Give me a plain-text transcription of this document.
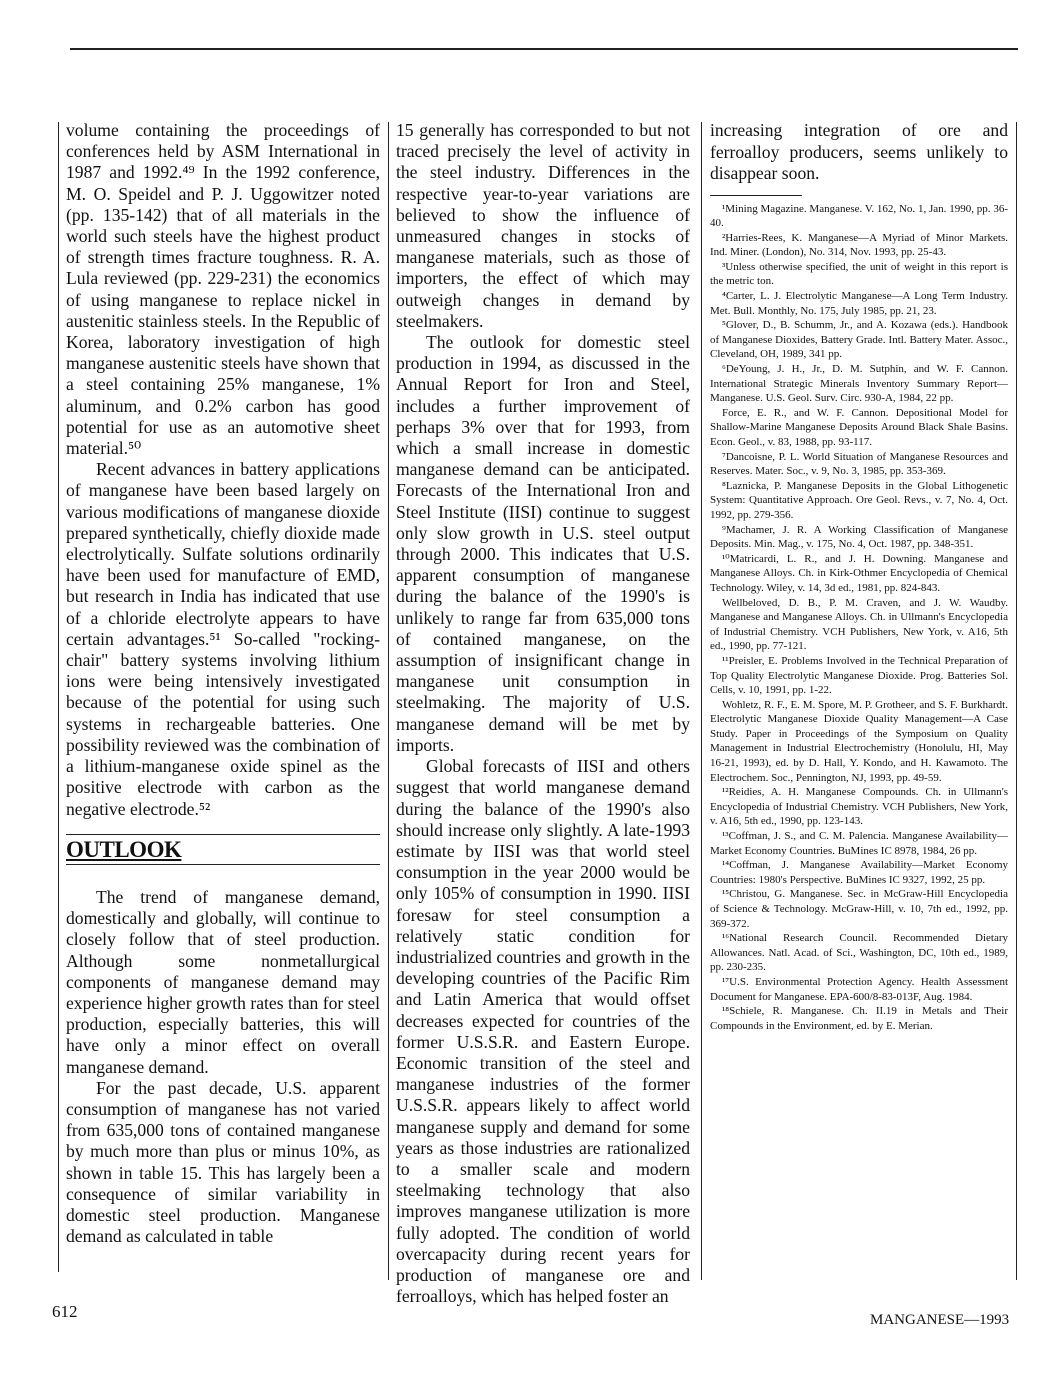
volume containing the proceedings of conferences held by ASM International in 1987 and 1992.⁴⁹ In the 1992 conference, M. O. Speidel and P. J. Uggowitzer noted (pp. 135-142) that of all materials in the world such steels have the highest product of strength times fracture toughness. R. A. Lula reviewed (pp. 229-231) the economics of using manganese to replace nickel in austenitic stainless steels. In the Republic of Korea, laboratory investigation of high manganese austenitic steels have shown that a steel containing 25% manganese, 1% aluminum, and 0.2% carbon has good potential for use as an automotive sheet material.⁵⁰

Recent advances in battery applications of manganese have been based largely on various modifications of manganese dioxide prepared synthetically, chiefly dioxide made electrolytically. Sulfate solutions ordinarily have been used for manufacture of EMD, but research in India has indicated that use of a chloride electrolyte appears to have certain advantages.⁵¹ So-called "rocking-chair" battery systems involving lithium ions were being intensively investigated because of the potential for using such systems in rechargeable batteries. One possibility reviewed was the combination of a lithium-manganese oxide spinel as the positive electrode with carbon as the negative electrode.⁵²

OUTLOOK

The trend of manganese demand, domestically and globally, will continue to closely follow that of steel production. Although some nonmetallurgical components of manganese demand may experience higher growth rates than for steel production, especially batteries, this will have only a minor effect on overall manganese demand.

For the past decade, U.S. apparent consumption of manganese has not varied from 635,000 tons of contained manganese by much more than plus or minus 10%, as shown in table 15. This has largely been a consequence of similar variability in domestic steel production. Manganese demand as calculated in table

15 generally has corresponded to but not traced precisely the level of activity in the steel industry. Differences in the respective year-to-year variations are believed to show the influence of unmeasured changes in stocks of manganese materials, such as those of importers, the effect of which may outweigh changes in demand by steelmakers.

The outlook for domestic steel production in 1994, as discussed in the Annual Report for Iron and Steel, includes a further improvement of perhaps 3% over that for 1993, from which a small increase in domestic manganese demand can be anticipated. Forecasts of the International Iron and Steel Institute (IISI) continue to suggest only slow growth in U.S. steel output through 2000. This indicates that U.S. apparent consumption of manganese during the balance of the 1990's is unlikely to range far from 635,000 tons of contained manganese, on the assumption of insignificant change in manganese unit consumption in steelmaking. The majority of U.S. manganese demand will be met by imports.

Global forecasts of IISI and others suggest that world manganese demand during the balance of the 1990's also should increase only slightly. A late-1993 estimate by IISI was that world steel consumption in the year 2000 would be only 105% of consumption in 1990. IISI foresaw for steel consumption a relatively static condition for industrialized countries and growth in the developing countries of the Pacific Rim and Latin America that would offset decreases expected for countries of the former U.S.S.R. and Eastern Europe. Economic transition of the steel and manganese industries of the former U.S.S.R. appears likely to affect world manganese supply and demand for some years as those industries are rationalized to a smaller scale and modern steelmaking technology that also improves manganese utilization is more fully adopted. The condition of world overcapacity during recent years for production of manganese ore and ferroalloys, which has helped foster an

increasing integration of ore and ferroalloy producers, seems unlikely to disappear soon.

¹Mining Magazine. Manganese. V. 162, No. 1, Jan. 1990, pp. 36-40.

²Harries-Rees, K. Manganese—A Myriad of Minor Markets. Ind. Miner. (London), No. 314, Nov. 1993, pp. 25-43.

³Unless otherwise specified, the unit of weight in this report is the metric ton.

⁴Carter, L. J. Electrolytic Manganese—A Long Term Industry. Met. Bull. Monthly, No. 175, July 1985, pp. 21, 23.

⁵Glover, D., B. Schumm, Jr., and A. Kozawa (eds.). Handbook of Manganese Dioxides, Battery Grade. Intl. Battery Mater. Assoc., Cleveland, OH, 1989, 341 pp.

⁶DeYoung, J. H., Jr., D. M. Sutphin, and W. F. Cannon. International Strategic Minerals Inventory Summary Report—Manganese. U.S. Geol. Surv. Circ. 930-A, 1984, 22 pp.

Force, E. R., and W. F. Cannon. Depositional Model for Shallow-Marine Manganese Deposits Around Black Shale Basins. Econ. Geol., v. 83, 1988, pp. 93-117.

⁷Dancoisne, P. L. World Situation of Manganese Resources and Reserves. Mater. Soc., v. 9, No. 3, 1985, pp. 353-369.

⁸Laznicka, P. Manganese Deposits in the Global Lithogenetic System: Quantitative Approach. Ore Geol. Revs., v. 7, No. 4, Oct. 1992, pp. 279-356.

⁹Machamer, J. R. A Working Classification of Manganese Deposits. Min. Mag., v. 175, No. 4, Oct. 1987, pp. 348-351.

¹⁰Matricardi, L. R., and J. H. Downing. Manganese and Manganese Alloys. Ch. in Kirk-Othmer Encyclopedia of Chemical Technology. Wiley, v. 14, 3d ed., 1981, pp. 824-843.

Wellbeloved, D. B., P. M. Craven, and J. W. Waudby. Manganese and Manganese Alloys. Ch. in Ullmann's Encyclopedia of Industrial Chemistry. VCH Publishers, New York, v. A16, 5th ed., 1990, pp. 77-121.

¹¹Preisler, E. Problems Involved in the Technical Preparation of Top Quality Electrolytic Manganese Dioxide. Prog. Batteries Sol. Cells, v. 10, 1991, pp. 1-22.

Wohletz, R. F., E. M. Spore, M. P. Grotheer, and S. F. Burkhardt. Electrolytic Manganese Dioxide Quality Management—A Case Study. Paper in Proceedings of the Symposium on Quality Management in Industrial Electrochemistry (Honolulu, HI, May 16-21, 1993), ed. by D. Hall, Y. Kondo, and H. Kawamoto. The Electrochem. Soc., Pennington, NJ, 1993, pp. 49-59.

¹²Reidies, A. H. Manganese Compounds. Ch. in Ullmann's Encyclopedia of Industrial Chemistry. VCH Publishers, New York, v. A16, 5th ed., 1990, pp. 123-143.

¹³Coffman, J. S., and C. M. Palencia. Manganese Availability—Market Economy Countries. BuMines IC 8978, 1984, 26 pp.

¹⁴Coffman, J. Manganese Availability—Market Economy Countries: 1980's Perspective. BuMines IC 9327, 1992, 25 pp.

¹⁵Christou, G. Manganese. Sec. in McGraw-Hill Encyclopedia of Science & Technology. McGraw-Hill, v. 10, 7th ed., 1992, pp. 369-372.

¹⁶National Research Council. Recommended Dietary Allowances. Natl. Acad. of Sci., Washington, DC, 10th ed., 1989, pp. 230-235.

¹⁷U.S. Environmental Protection Agency. Health Assessment Document for Manganese. EPA-600/8-83-013F, Aug. 1984.

¹⁸Schiele, R. Manganese. Ch. II.19 in Metals and Their Compounds in the Environment, ed. by E. Merian.

612	MANGANESE—1993
